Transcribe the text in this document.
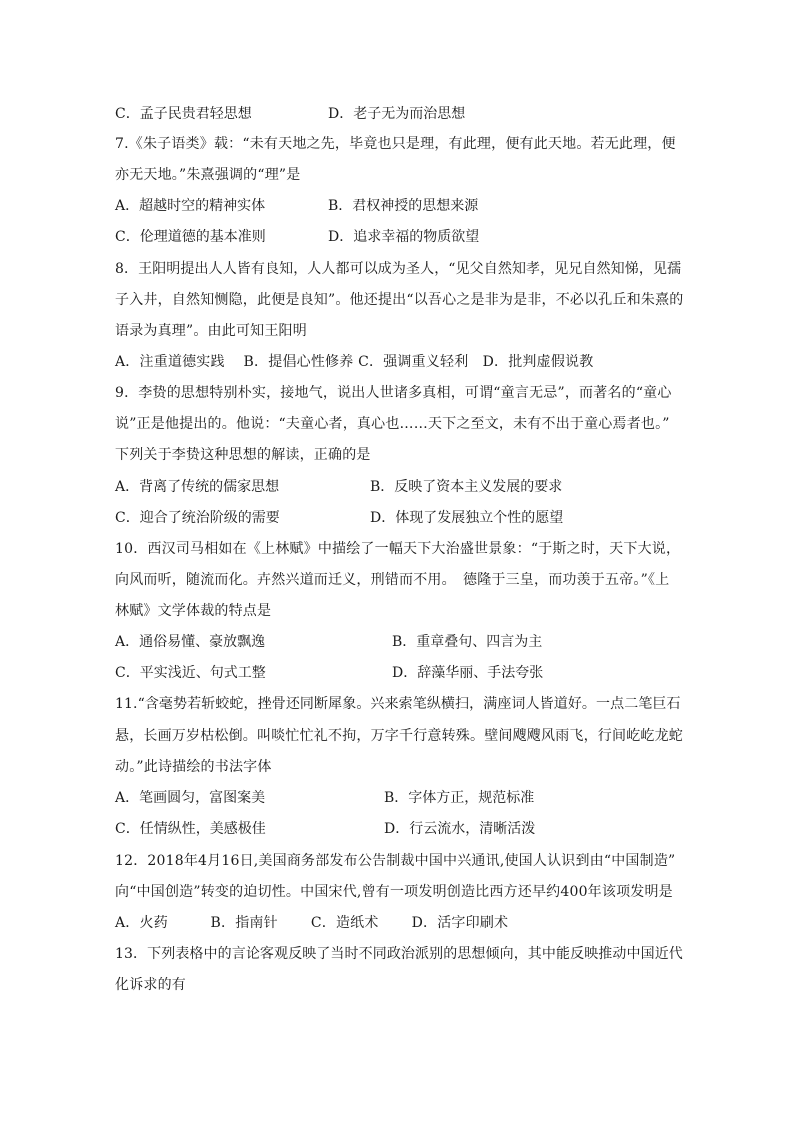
C．孟子民贵君轻思想	D．老子无为而治思想
7.《朱子语类》载：“未有天地之先，毕竟也只是理，有此理，便有此天地。若无此理，便
亦无天地。”朱熹强调的“理”是
A．超越时空的精神实体	B．君权神授的思想来源
C．伦理道德的基本准则	D．追求幸福的物质欲望
8．王阳明提出人人皆有良知，人人都可以成为圣人，“见父自然知孝，见兄自然知悌，见孺
子入井，自然知恻隐，此便是良知”。他还提出“以吾心之是非为是非，不必以孔丘和朱熹的
语录为真理”。由此可知王阳明
A．注重道德实践　 B．提倡心性修养 C．强调重义轻利　D．批判虚假说教
9．李贽的思想特别朴实，接地气，说出人世诸多真相，可谓“童言无忌”，而著名的“童心
说”正是他提出的。他说：“夫童心者，真心也……天下之至文，未有不出于童心焉者也。”
下列关于李贽这种思想的解读，正确的是
A．背离了传统的儒家思想	B．反映了资本主义发展的要求
C．迎合了统治阶级的需要	D．体现了发展独立个性的愿望
10．西汉司马相如在《上林赋》中描绘了一幅天下大治盛世景象：“于斯之时，天下大说，
向风而听，随流而化。卉然兴道而迁义，刑错而不用。　德隆于三皇，而功羡于五帝。”《上
林赋》文学体裁的特点是
A．通俗易懂、豪放飘逸	B．重章叠句、四言为主
C．平实浅近、句式工整	D．辞藻华丽、手法夸张
11.“含毫势若斩蛟蛇，挫骨还同断犀象。兴来索笔纵横扫，满座词人皆道好。一点二笔巨石
悬，长画万岁枯松倒。叫啖忙忙礼不拘，万字千行意转殊。壁间飕飕风雨飞，行间屹屹龙蛇
动。”此诗描绘的书法字体
A．笔画圆匀，富图案美	B．字体方正，规范标准
C．任情纵性，美感极佳	D．行云流水，清晰活泼
12．2018年4月16日,美国商务部发布公告制裁中国中兴通讯,使国人认识到由“中国制造”
向“中国创造”转变的迫切性。中国宋代,曾有一项发明创造比西方还早约400年该项发明是
A．火药　　　B．指南针　　 C．造纸术　　 D．活字印刷术
13．下列表格中的言论客观反映了当时不同政治派别的思想倾向，其中能反映推动中国近代
化诉求的有
